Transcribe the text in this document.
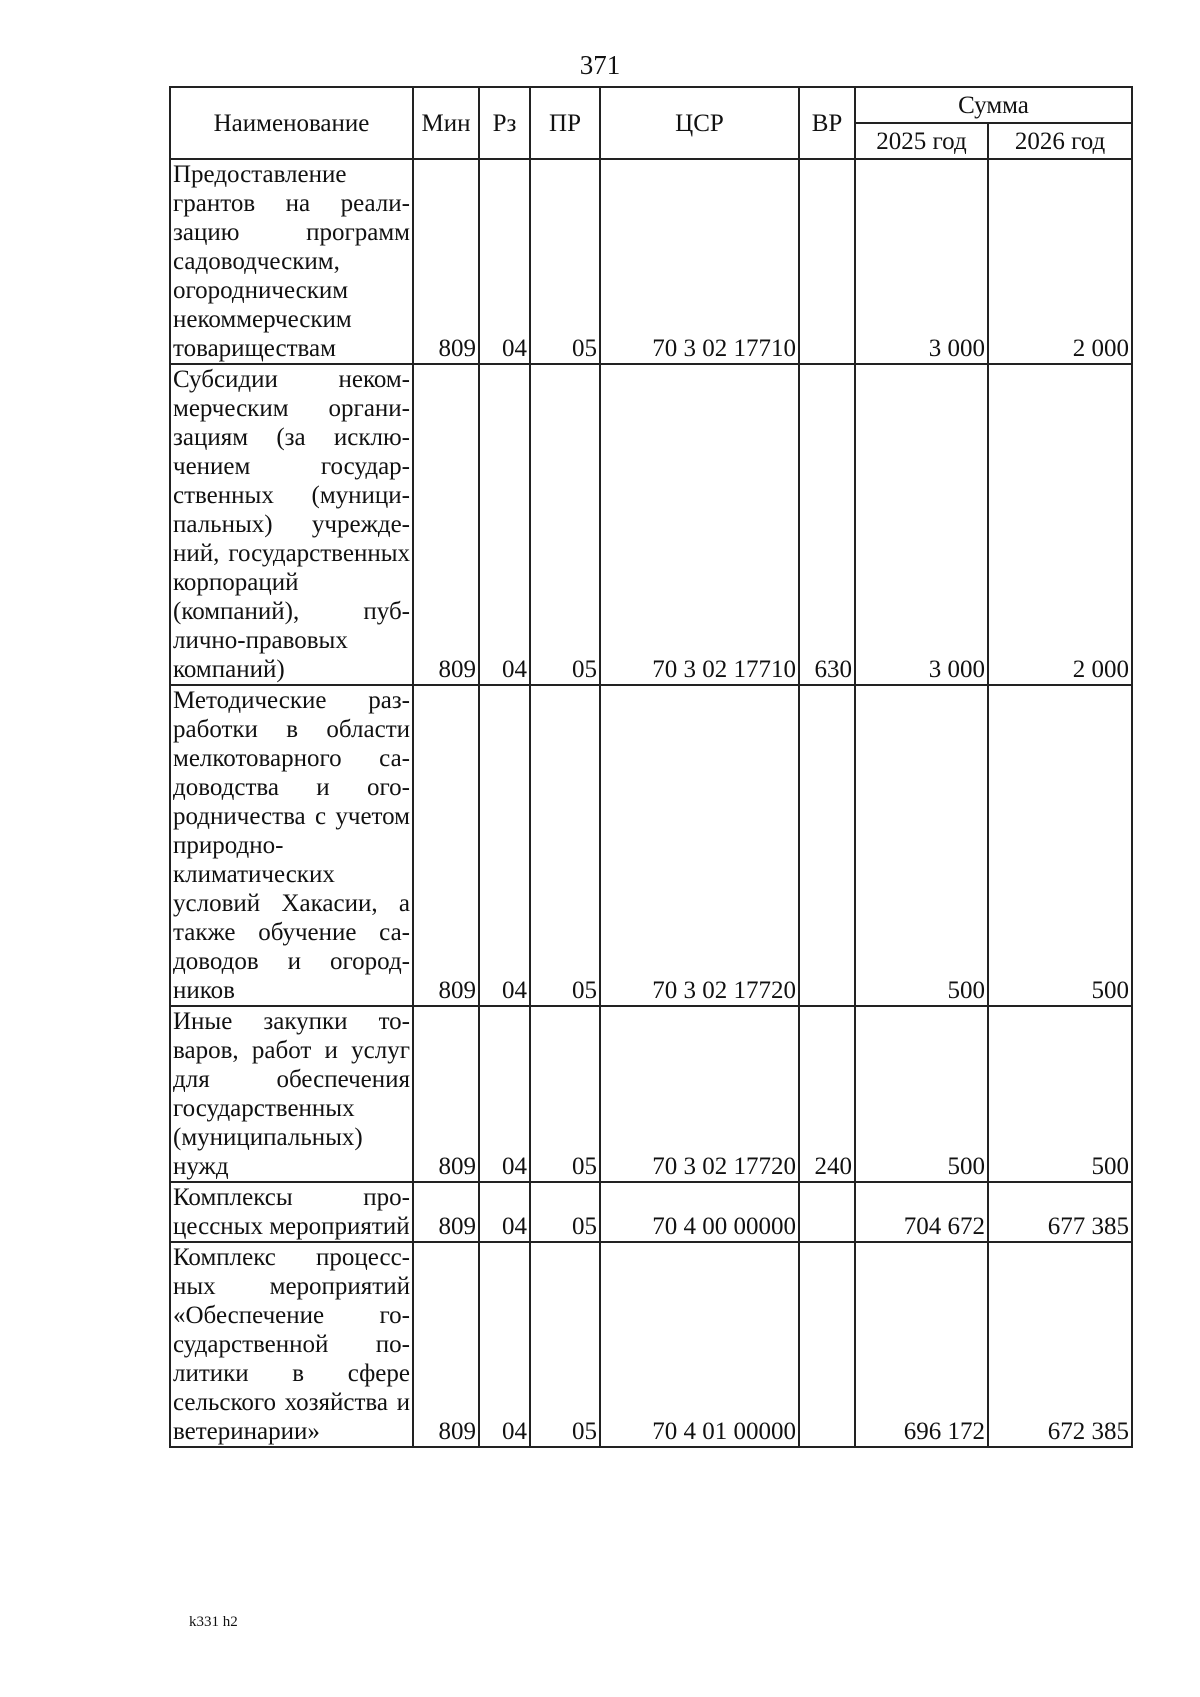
371
Наименование	Мин	Рз	ПР	ЦСР	ВР	Сумма	
						2025 год	2026 год
Предоставление грантов на реализацию программ садоводческим, огородническим некоммерческим товариществам	809	04	05	70 3 02 17710		3 000	2 000
Субсидии некоммерческим организациям (за исключением государственных (муниципальных) учреждений, государственных корпораций (компаний), публично-правовых компаний)	809	04	05	70 3 02 17710	630	3 000	2 000
Методические разработки в области мелкотоварного садоводства и огородничества с учетом природно-климатических условий Хакасии, а также обучение садоводов и огородников	809	04	05	70 3 02 17720		500	500
Иные закупки товаров, работ и услуг для обеспечения государственных (муниципальных) нужд	809	04	05	70 3 02 17720	240	500	500
Комплексы процессных мероприятий	809	04	05	70 4 00 00000		704 672	677 385
Комплекс процессных мероприятий «Обеспечение государственной политики в сфере сельского хозяйства и ветеринарии»	809	04	05	70 4 01 00000		696 172	672 385
k331 h2
